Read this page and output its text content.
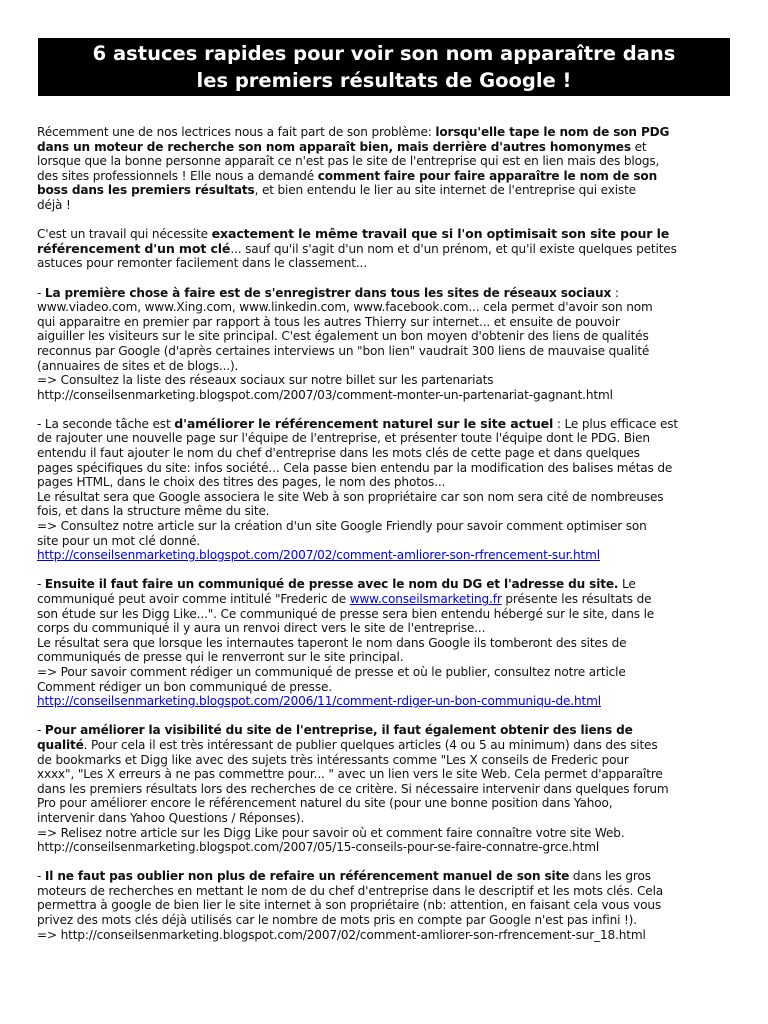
6 astuces rapides pour voir son nom apparaître dans
les premiers résultats de Google !
Récemment une de nos lectrices nous a fait part de son problème: lorsqu'elle tape le nom de son PDG
dans un moteur de recherche son nom apparaît bien, mais derrière d'autres homonymes et
lorsque que la bonne personne apparaît ce n'est pas le site de l'entreprise qui est en lien mais des blogs,
des sites professionnels ! Elle nous a demandé comment faire pour faire apparaître le nom de son
boss dans les premiers résultats, et bien entendu le lier au site internet de l'entreprise qui existe
déjà !
C'est un travail qui nécessite exactement le même travail que si l'on optimisait son site pour le
référencement d'un mot clé... sauf qu'il s'agit d'un nom et d'un prénom, et qu'il existe quelques petites
astuces pour remonter facilement dans le classement...
- La première chose à faire est de s'enregistrer dans tous les sites de réseaux sociaux :
www.viadeo.com, www.Xing.com, www.linkedin.com, www.facebook.com... cela permet d'avoir son nom
qui apparaitre en premier par rapport à tous les autres Thierry sur internet... et ensuite de pouvoir
aiguiller les visiteurs sur le site principal. C'est également un bon moyen d'obtenir des liens de qualités
reconnus par Google (d'après certaines interviews un "bon lien" vaudrait 300 liens de mauvaise qualité
(annuaires de sites et de blogs...).
=> Consultez la liste des réseaux sociaux sur notre billet sur les partenariats
http://conseilsenmarketing.blogspot.com/2007/03/comment-monter-un-partenariat-gagnant.html
- La seconde tâche est d'améliorer le référencement naturel sur le site actuel : Le plus efficace est
de rajouter une nouvelle page sur l'équipe de l'entreprise, et présenter toute l'équipe dont le PDG. Bien
entendu il faut ajouter le nom du chef d'entreprise dans les mots clés de cette page et dans quelques
pages spécifiques du site: infos société... Cela passe bien entendu par la modification des balises métas de
pages HTML, dans le choix des titres des pages, le nom des photos...
Le résultat sera que Google associera le site Web à son propriétaire car son nom sera cité de nombreuses
fois, et dans la structure même du site.
=> Consultez notre article sur la création d'un site Google Friendly pour savoir comment optimiser son
site pour un mot clé donné.
http://conseilsenmarketing.blogspot.com/2007/02/comment-amliorer-son-rfrencement-sur.html
- Ensuite il faut faire un communiqué de presse avec le nom du DG et l'adresse du site. Le
communiqué peut avoir comme intitulé "Frederic de www.conseilsmarketing.fr présente les résultats de
son étude sur les Digg Like...". Ce communiqué de presse sera bien entendu hébergé sur le site, dans le
corps du communiqué il y aura un renvoi direct vers le site de l'entreprise...
Le résultat sera que lorsque les internautes taperont le nom dans Google ils tomberont des sites de
communiqués de presse qui le renverront sur le site principal.
=> Pour savoir comment rédiger un communiqué de presse et où le publier, consultez notre article
Comment rédiger un bon communiqué de presse.
http://conseilsenmarketing.blogspot.com/2006/11/comment-rdiger-un-bon-communiqu-de.html
- Pour améliorer la visibilité du site de l'entreprise, il faut également obtenir des liens de
qualité. Pour cela il est très intéressant de publier quelques articles (4 ou 5 au minimum) dans des sites
de bookmarks et Digg like avec des sujets très intéressants comme "Les X conseils de Frederic pour
xxxx", "Les X erreurs à ne pas commettre pour... " avec un lien vers le site Web. Cela permet d'apparaître
dans les premiers résultats lors des recherches de ce critère. Si nécessaire intervenir dans quelques forum
Pro pour améliorer encore le référencement naturel du site (pour une bonne position dans Yahoo,
intervenir dans Yahoo Questions / Réponses).
=> Relisez notre article sur les Digg Like pour savoir où et comment faire connaître votre site Web.
http://conseilsenmarketing.blogspot.com/2007/05/15-conseils-pour-se-faire-connatre-grce.html
- Il ne faut pas oublier non plus de refaire un référencement manuel de son site dans les gros
moteurs de recherches en mettant le nom de du chef d'entreprise dans le descriptif et les mots clés. Cela
permettra à google de bien lier le site internet à son propriétaire (nb: attention, en faisant cela vous vous
privez des mots clés déjà utilisés car le nombre de mots pris en compte par Google n'est pas infini !).
=> http://conseilsenmarketing.blogspot.com/2007/02/comment-amliorer-son-rfrencement-sur_18.html
